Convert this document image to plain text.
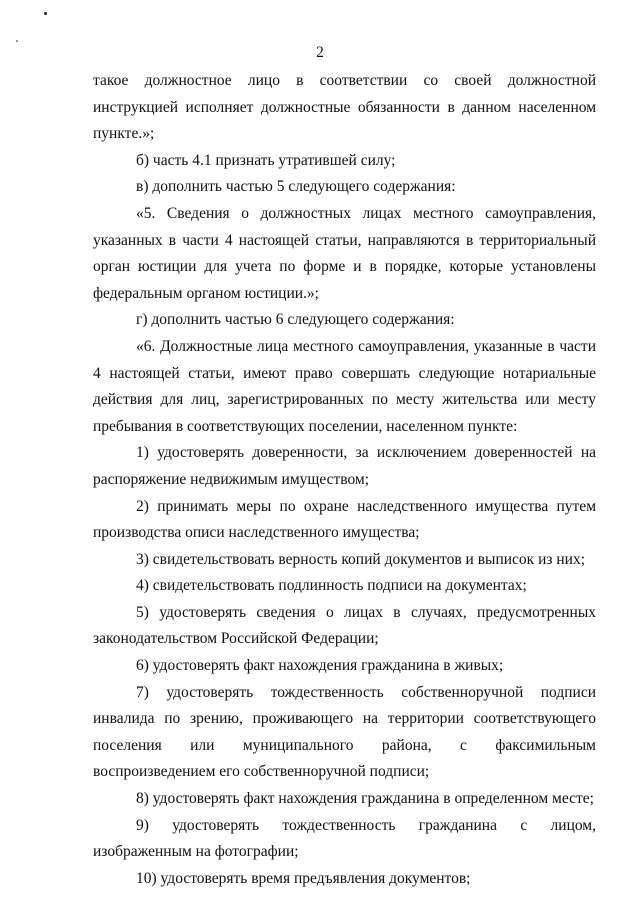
2

такое должностное лицо в соответствии со своей должностной инструкцией исполняет должностные обязанности в данном населенном пункте.»;

б) часть 4.1 признать утратившей силу;

в) дополнить частью 5 следующего содержания:

«5. Сведения о должностных лицах местного самоуправления, указанных в части 4 настоящей статьи, направляются в территориальный орган юстиции для учета по форме и в порядке, которые установлены федеральным органом юстиции.»;

г) дополнить частью 6 следующего содержания:

«6. Должностные лица местного самоуправления, указанные в части 4 настоящей статьи, имеют право совершать следующие нотариальные действия для лиц, зарегистрированных по месту жительства или месту пребывания в соответствующих поселении, населенном пункте:

1) удостоверять доверенности, за исключением доверенностей на распоряжение недвижимым имуществом;

2) принимать меры по охране наследственного имущества путем производства описи наследственного имущества;

3) свидетельствовать верность копий документов и выписок из них;

4) свидетельствовать подлинность подписи на документах;

5) удостоверять сведения о лицах в случаях, предусмотренных законодательством Российской Федерации;

6) удостоверять факт нахождения гражданина в живых;

7) удостоверять тождественность собственноручной подписи инвалида по зрению, проживающего на территории соответствующего поселения или муниципального района, с факсимильным воспроизведением его собственноручной подписи;

8) удостоверять факт нахождения гражданина в определенном месте;

9) удостоверять тождественность гражданина с лицом, изображенным на фотографии;

10) удостоверять время предъявления документов;
